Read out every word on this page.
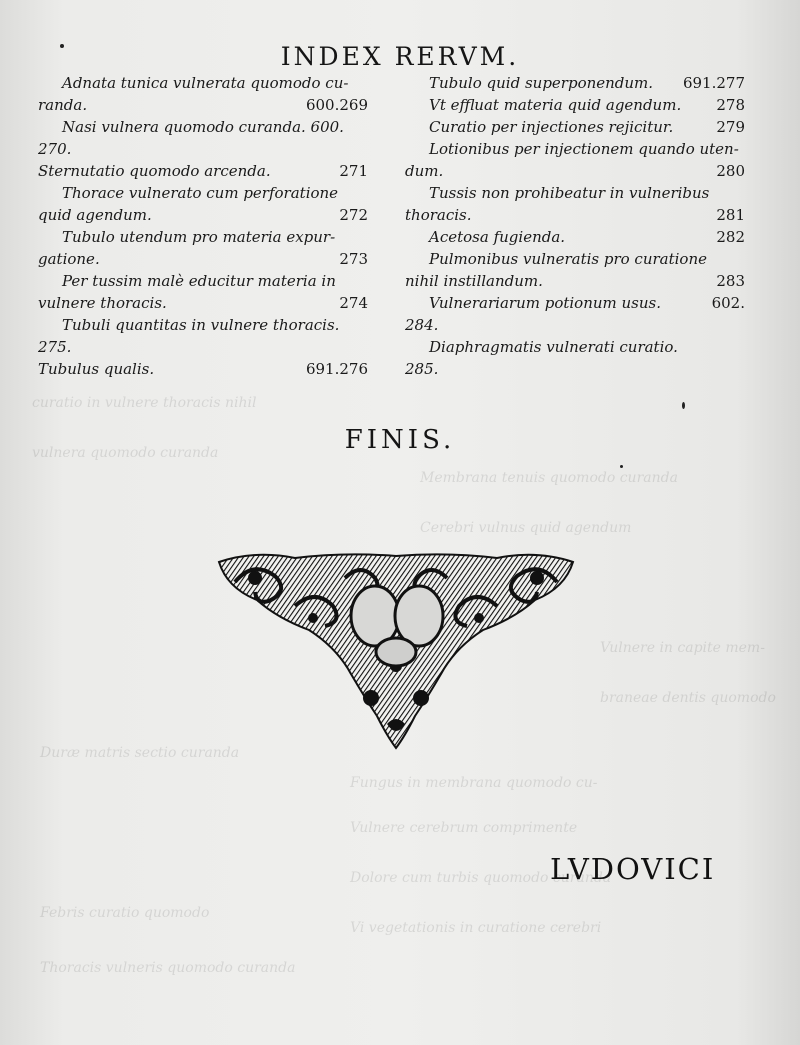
curatio in vulnere thoracis nihil
vulnera quomodo curanda
Membrana tenuis quomodo curanda
Cerebri vulnus quid agendum
Vulnere in capite mem-
braneae dentis quomodo
Duræ matris sectio curanda
Fungus in membrana quomodo cu-
Vulnere cerebrum comprimente
Dolore cum turbis quomodo curanda
Febris curatio quomodo
Vi vegetationis in curatione cerebri
Thoracis vulneris quomodo curanda
INDEX RERVM.
Adnata tunica vulnerata quomodo cu-
randa.	600.269
Nasi vulnera quomodo curanda. 600.
270.
Sternutatio quomodo arcenda.	271
Thorace vulnerato cum perforatione
quid agendum.	272
Tubulo utendum pro materia expur-
gatione.	273
Per tussim malè educitur materia in
vulnere thoracis.	274
Tubuli quantitas in vulnere thoracis.
275.
Tubulus qualis.	691.276
Tubulo quid superponendum. 691.277
Vt effluat materia quid agendum. 278
Curatio per injectiones rejicitur.	279
Lotionibus per injectionem quando uten-
dum.	280
Tussis non prohibeatur in vulneribus
thoracis.	281
Acetosa fugienda.	282
Pulmonibus vulneratis pro curatione
nihil instillandum.	283
Vulnerariarum potionum usus.	602.
284.
Diaphragmatis vulnerati curatio.
285.
FINIS.
LVDOVICI
